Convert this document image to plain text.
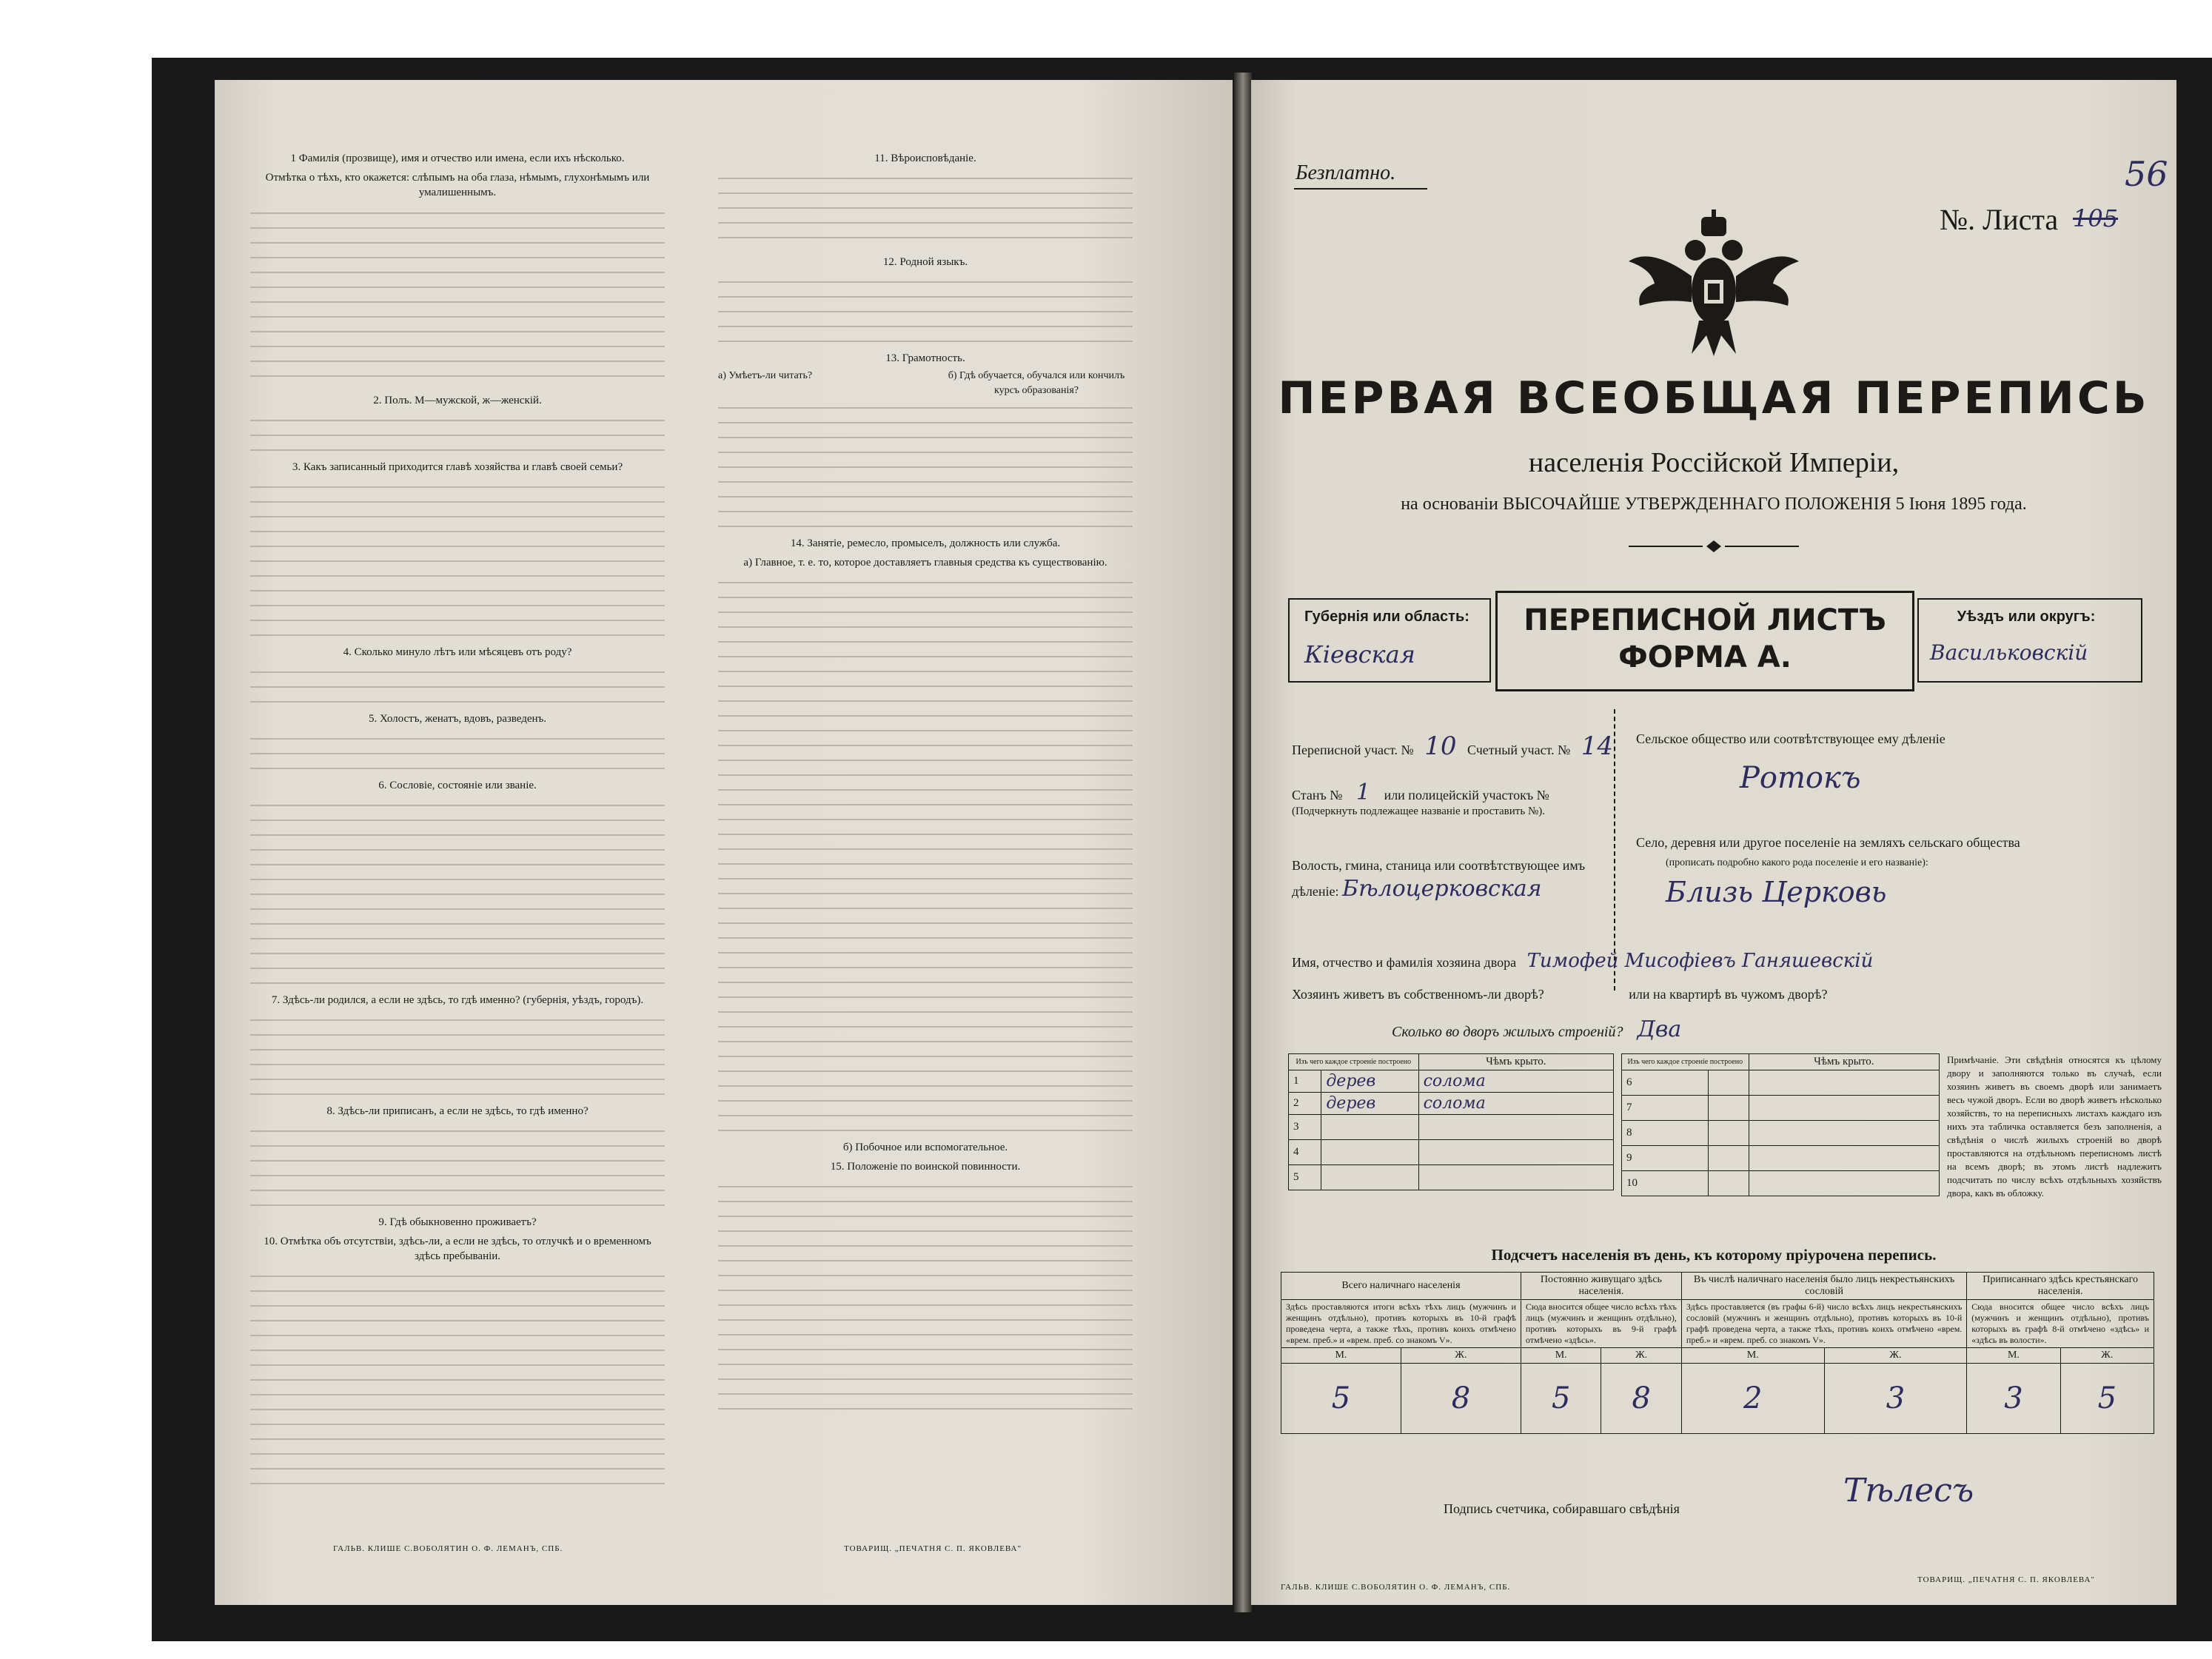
1 Фамилія (прозвище), имя и отчество или имена, если ихъ нѣсколько.
Отмѣтка о тѣхъ, кто окажется: слѣпымъ на оба глаза, нѣмымъ, глухонѣмымъ или умалишеннымъ.
2. Полъ. М—мужской, ж—женскій.
3. Какъ записанный приходится главѣ хозяйства и главѣ своей семьи?
4. Сколько минуло лѣтъ или мѣсяцевъ отъ роду?
5. Холостъ, женатъ, вдовъ, разведенъ.
6. Сословіе, состояніе или званіе.
7. Здѣсь-ли родился, а если не здѣсь, то гдѣ именно? (губернія, уѣздъ, городъ).
8. Здѣсь-ли приписанъ, а если не здѣсь, то гдѣ именно?
9. Гдѣ обыкновенно проживаетъ?
10. Отмѣтка объ отсутствіи, здѣсь-ли, а если не здѣсь, то отлучкѣ и о временномъ здѣсь пребываніи.
ГАЛЬВ. КЛИШЕ С.ВОБОЛЯТИН О. Ф. ЛЕМАНЪ, СПБ.
11. Вѣроисповѣданіе.
12. Родной языкъ.
13. Грамотность.
а) Умѣетъ-ли читать?	б) Гдѣ обучается, обучался или кончилъ курсъ образованія?
14. Занятіе, ремесло, промыселъ, должность или служба.
а) Главное, т. е. то, которое доставляетъ главныя средства къ существованію.
б) Побочное или вспомогательное.
15. Положеніе по воинской повинности.
ТОВАРИЩ. „ПЕЧАТНЯ С. П. ЯКОВЛЕВА"
Безплатно.	56
№. Листа 105
ПЕРВАЯ ВСЕОБЩАЯ ПЕРЕПИСЬ
населенія Россійской Имперіи,
на основаніи ВЫСОЧАЙШЕ УТВЕРЖДЕННАГО ПОЛОЖЕНІЯ 5 Іюня 1895 года.
Губернія или область:
Кіевская
ПЕРЕПИСНОЙ ЛИСТЪ
ФОРМА А.
Уѣздъ или округъ:
Васильковскій
Переписной участ. № 10 Счетный участ. № 14
Станъ № 1 или полицейскій участокъ №
(Подчеркнуть подлежащее названіе и проставить №).
Волость, гмина, станица или соотвѣтствующее имъ дѣленіе: Бѣлоцерковская
Сельское общество или соотвѣтствующее ему дѣленіе
Ротокъ
Село, деревня или другое поселеніе на земляхъ сельскаго общества
(прописать подробно какого рода поселеніе и его названіе):
Близь Церковь
Имя, отчество и фамилія хозяина двора Тимофей Мисофіевъ Ганяшевскій
Хозяинъ живетъ въ собственномъ-ли дворѣ?	или на квартирѣ въ чужомъ дворѣ?
Сколько во дворъ жилыхъ строеній? Два
Изъ чего каждое строеніе построено		Чѣмъ крыто.
1	дерев	солома
2	дерев	солома
3		
4		
5		
Изъ чего каждое строеніе построено		Чѣмъ крыто.
6		
7		
8		
9		
10		
Примѣчаніе. Эти свѣдѣнія относятся къ цѣлому двору и заполняются только въ случаѣ, если хозяинъ живетъ въ своемъ дворѣ или занимаетъ весь чужой дворъ. Если во дворѣ живетъ нѣсколько хозяйствъ, то на переписныхъ листахъ каждаго изъ нихъ эта табличка оставляется безъ заполненія, а свѣдѣнія о числѣ жилыхъ строеній во дворѣ проставляются на отдѣльномъ переписномъ листѣ на всемъ дворѣ; въ этомъ листѣ надлежитъ подсчитать по числу всѣхъ отдѣльныхъ хозяйствъ двора, какъ въ обложку.
Подсчетъ населенія въ день, къ которому пріурочена перепись.
Всего наличнаго населенія		Постоянно живущаго здѣсь населенія.		Въ числѣ наличнаго населенія было лицъ некрестьянскихъ сословій		Приписаннаго здѣсь крестьянскаго населенія.	
Здѣсь проставляются итоги всѣхъ тѣхъ лицъ (мужчинъ и женщинъ отдѣльно), противъ которыхъ въ 10-й графѣ проведена черта, а также тѣхъ, противъ коихъ отмѣчено «врем. преб.» и «врем. преб. со знакомъ V».		Сюда вносится общее число всѣхъ тѣхъ лицъ (мужчинъ и женщинъ отдѣльно), противъ которыхъ въ 9-й графѣ отмѣчено «здѣсь».		Здѣсь проставляется (въ графы 6-й) число всѣхъ лицъ некрестьянскихъ сословій (мужчинъ и женщинъ отдѣльно), противъ которыхъ въ 10-й графѣ проведена черта, а также тѣхъ, противъ коихъ отмѣчено «врем. преб.» и «врем. преб. со знакомъ V».		Сюда вносится общее число всѣхъ лицъ (мужчинъ и женщинъ отдѣльно), противъ которыхъ въ графѣ 8-й отмѣчено «здѣсь» и «здѣсь въ волости».	
М.	Ж.	М.	Ж.	М.	Ж.	М.	Ж.
5	8	5	8	2	3	3	5
Подпись счетчика, собиравшаго свѣдѣнія	Тѣлесъ
ГАЛЬВ. КЛИШЕ С.ВОБОЛЯТИН О. Ф. ЛЕМАНЪ, СПБ.
ТОВАРИЩ. „ПЕЧАТНЯ С. П. ЯКОВЛЕВА"
